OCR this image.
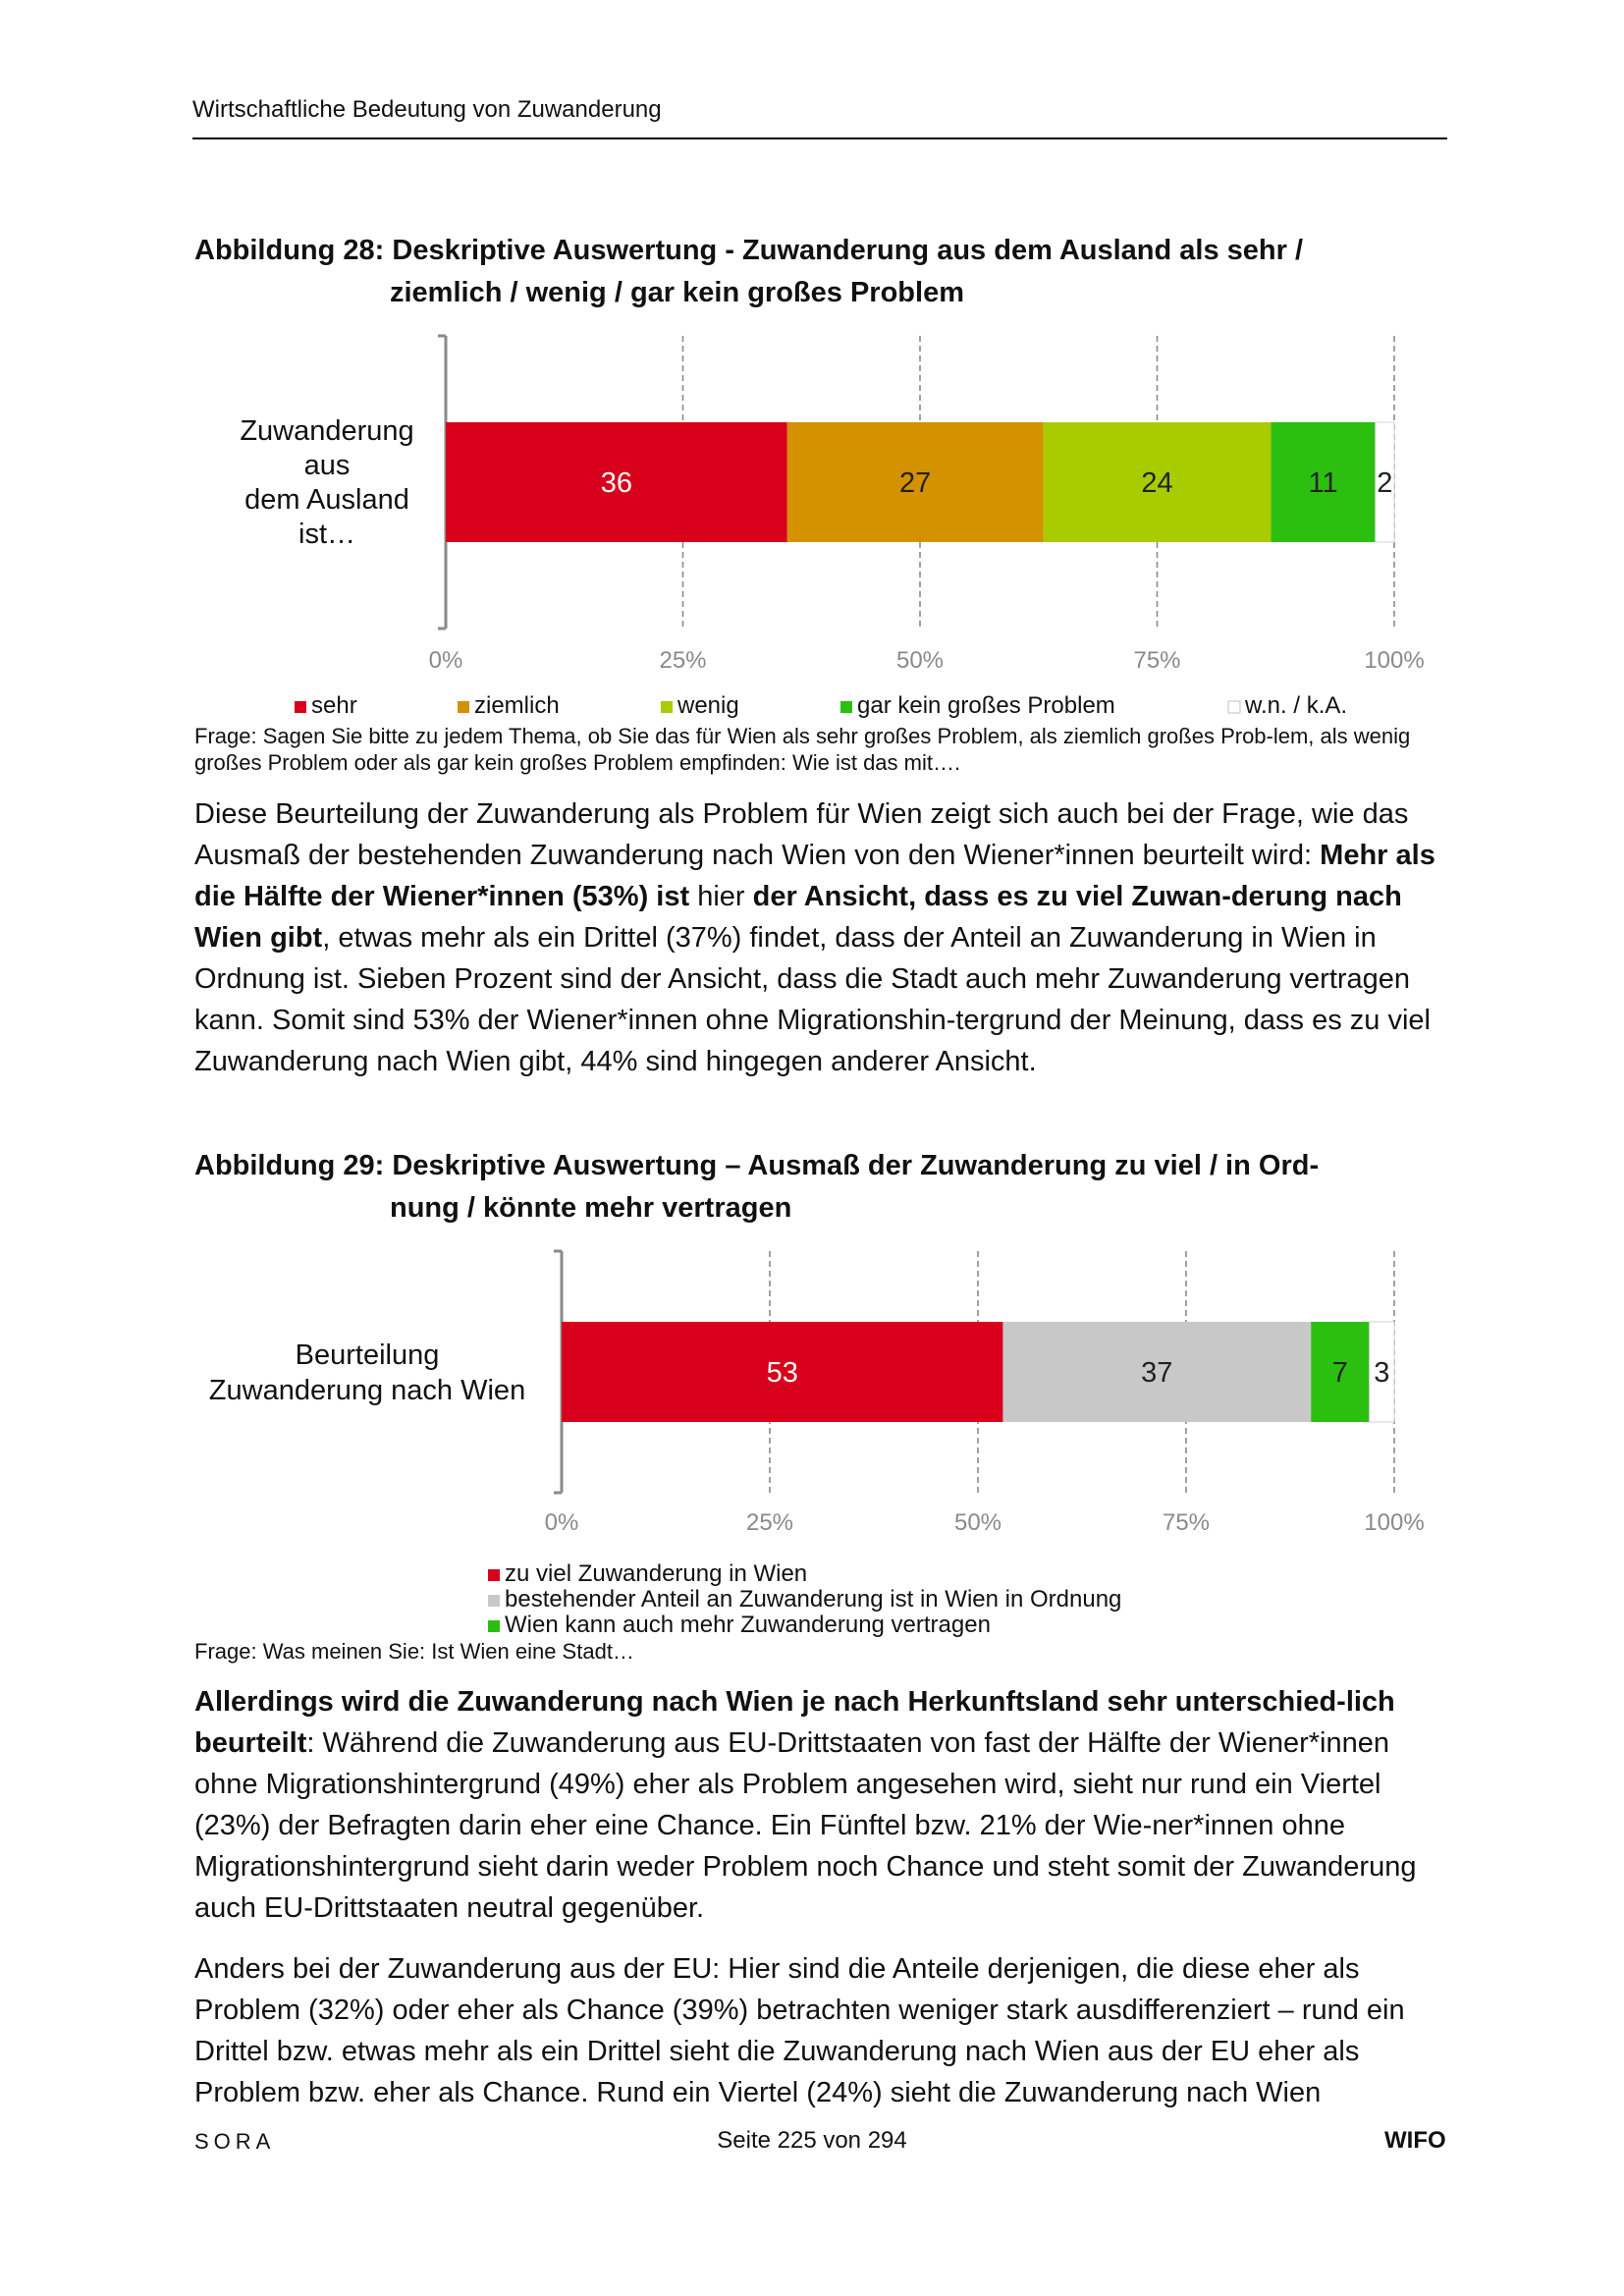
Wirtschaftliche Bedeutung von Zuwanderung
Abbildung 28: Deskriptive Auswertung - Zuwanderung aus dem Ausland als sehr /
ziemlich / wenig / gar kein großes Problem
36	27	24	11 2
0%	25%	50%	75%	100%
Zuwanderung
aus
dem Ausland
ist…
sehr	ziemlich	wenig	gar kein großes Problem	w.n. / k.A.
Frage: Sagen Sie bitte zu jedem Thema, ob Sie das für Wien als sehr großes Problem, als ziemlich großes Prob-lem, als wenig großes Problem oder als gar kein großes Problem empfinden: Wie ist das mit….
Diese Beurteilung der Zuwanderung als Problem für Wien zeigt sich auch bei der Frage, wie das Ausmaß der bestehenden Zuwanderung nach Wien von den Wiener*innen beurteilt wird: Mehr als die Hälfte der Wiener*innen (53%) ist hier der Ansicht, dass es zu viel Zuwan-derung nach Wien gibt, etwas mehr als ein Drittel (37%) findet, dass der Anteil an Zuwanderung in Wien in Ordnung ist. Sieben Prozent sind der Ansicht, dass die Stadt auch mehr Zuwanderung vertragen kann. Somit sind 53% der Wiener*innen ohne Migrationshin-tergrund der Meinung, dass es zu viel Zuwanderung nach Wien gibt, 44% sind hingegen anderer Ansicht.
Abbildung 29: Deskriptive Auswertung – Ausmaß der Zuwanderung zu viel / in Ord-
nung / könnte mehr vertragen
53	37	7 3
0%	25%	50%	75%	100%
Beurteilung
Zuwanderung nach Wien
zu viel Zuwanderung in Wien
bestehender Anteil an Zuwanderung ist in Wien in Ordnung
Wien kann auch mehr Zuwanderung vertragen
Frage: Was meinen Sie: Ist Wien eine Stadt…
Allerdings wird die Zuwanderung nach Wien je nach Herkunftsland sehr unterschied-lich beurteilt: Während die Zuwanderung aus EU-Drittstaaten von fast der Hälfte der Wiener*innen ohne Migrationshintergrund (49%) eher als Problem angesehen wird, sieht nur rund ein Viertel (23%) der Befragten darin eher eine Chance. Ein Fünftel bzw. 21% der Wie-ner*innen ohne Migrationshintergrund sieht darin weder Problem noch Chance und steht somit der Zuwanderung auch EU-Drittstaaten neutral gegenüber.
Anders bei der Zuwanderung aus der EU: Hier sind die Anteile derjenigen, die diese eher als Problem (32%) oder eher als Chance (39%) betrachten weniger stark ausdifferenziert – rund ein Drittel bzw. etwas mehr als ein Drittel sieht die Zuwanderung nach Wien aus der EU eher als Problem bzw. eher als Chance. Rund ein Viertel (24%) sieht die Zuwanderung nach Wien
SORA	Seite 225 von 294	WIFO
